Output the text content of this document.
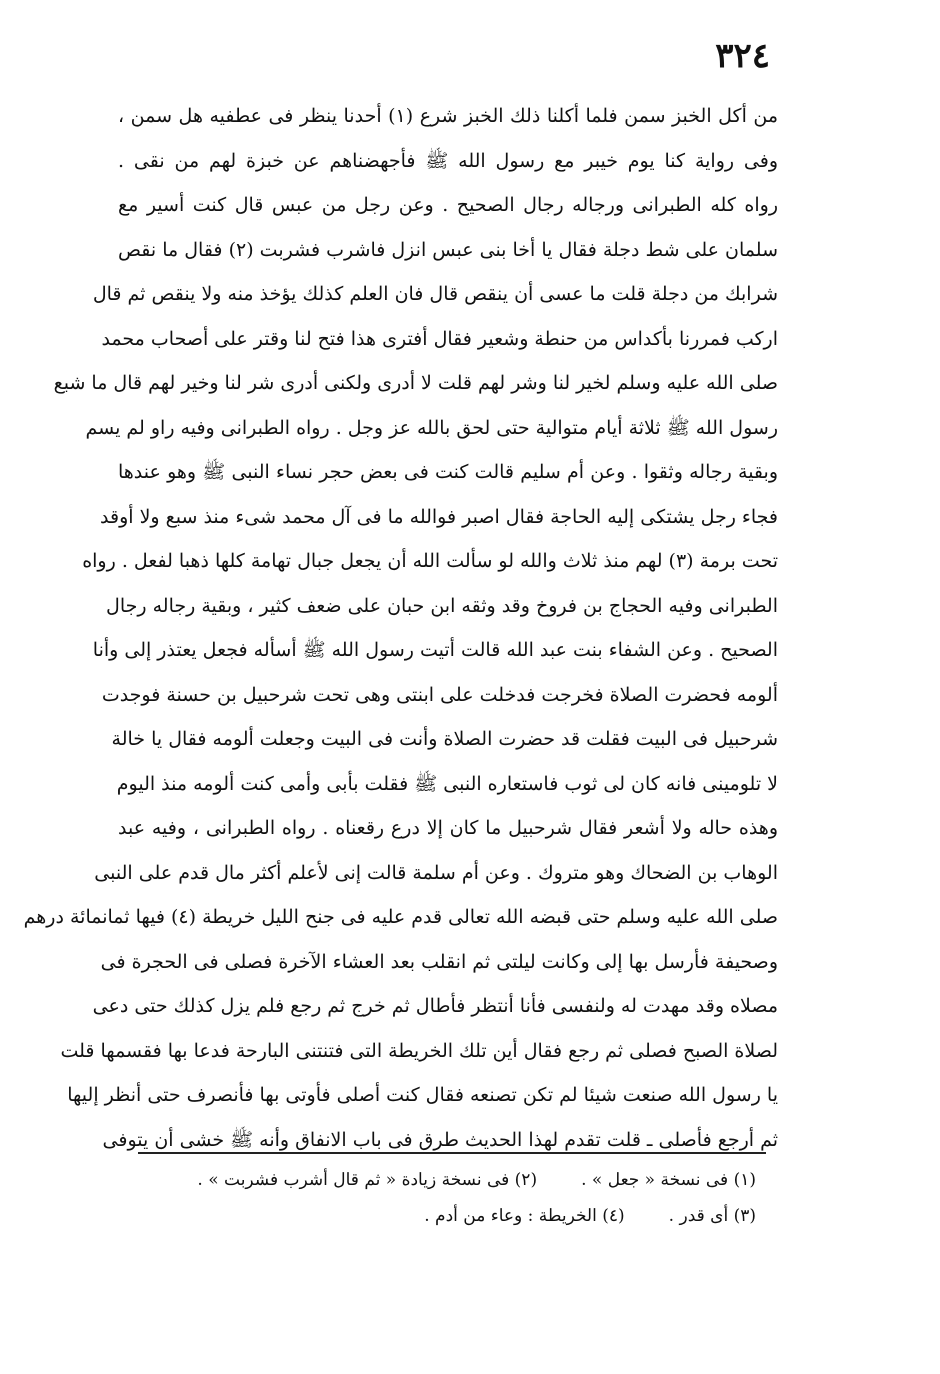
٣٢٤
من أكل الخبز سمن فلما أكلنا ذلك الخبز شرع (١) أحدنا ينظر فى عطفيه هل سمن ،
وفى رواية كنا يوم خيبر مع رسول الله ﷺ فأجهضناهم عن خبزة لهم من نقى .
رواه كله الطبرانى ورجاله رجال الصحيح . وعن رجل من عبس قال كنت أسير مع
سلمان على شط دجلة فقال يا أخا بنى عبس انزل فاشرب فشربت (٢) فقال ما نقص
شرابك من دجلة قلت ما عسى أن ينقص قال فان العلم كذلك يؤخذ منه ولا ينقص ثم قال
اركب فمررنا بأكداس من حنطة وشعير فقال أفترى هذا فتح لنا وقتر على أصحاب محمد
صلى الله عليه وسلم لخير لنا وشر لهم قلت لا أدرى ولكنى أدرى شر لنا وخير لهم قال ما شبع
رسول الله ﷺ ثلاثة أيام متوالية حتى لحق بالله عز وجل . رواه الطبرانى وفيه راو لم يسم
وبقية رجاله وثقوا . وعن أم سليم قالت كنت فى بعض حجر نساء النبى ﷺ وهو عندها
فجاء رجل يشتكى إليه الحاجة فقال اصبر فوالله ما فى آل محمد شىء منذ سبع ولا أوقد
تحت برمة (٣) لهم منذ ثلاث والله لو سألت الله أن يجعل جبال تهامة كلها ذهبا لفعل . رواه
الطبرانى وفيه الحجاج بن فروخ وقد وثقه ابن حبان على ضعف كثير ، وبقية رجاله رجال
الصحيح . وعن الشفاء بنت عبد الله قالت أتيت رسول الله ﷺ أسأله فجعل يعتذر إلى وأنا
ألومه فحضرت الصلاة فخرجت فدخلت على ابنتى وهى تحت شرحبيل بن حسنة فوجدت
شرحبيل فى البيت فقلت قد حضرت الصلاة وأنت فى البيت وجعلت ألومه فقال يا خالة
لا تلومينى فانه كان لى ثوب فاستعاره النبى ﷺ فقلت بأبى وأمى كنت ألومه منذ اليوم
وهذه حاله ولا أشعر فقال شرحبيل ما كان إلا درع رقعناه . رواه الطبرانى ، وفيه عبد
الوهاب بن الضحاك وهو متروك . وعن أم سلمة قالت إنى لأعلم أكثر مال قدم على النبى
صلى الله عليه وسلم حتى قبضه الله تعالى قدم عليه فى جنح الليل خريطة (٤) فيها ثمانمائة درهم
وصحيفة فأرسل بها إلى وكانت ليلتى ثم انقلب بعد العشاء الآخرة فصلى فى الحجرة فى
مصلاه وقد مهدت له ولنفسى فأنا أنتظر فأطال ثم خرج ثم رجع فلم يزل كذلك حتى دعى
لصلاة الصبح فصلى ثم رجع فقال أين تلك الخريطة التى فتنتنى البارحة فدعا بها فقسمها قلت
يا رسول الله صنعت شيئا لم تكن تصنعه فقال كنت أصلى فأوتى بها فأنصرف حتى أنظر إليها
ثم أرجع فأصلى ـ قلت تقدم لهذا الحديث طرق فى باب الانفاق وأنه ﷺ خشى أن يتوفى
(١) فى نسخة « جعل » .
(٢) فى نسخة زيادة « ثم قال أشرب فشربت » .
(٣) أى قدر .
(٤) الخريطة : وعاء من أدم .
